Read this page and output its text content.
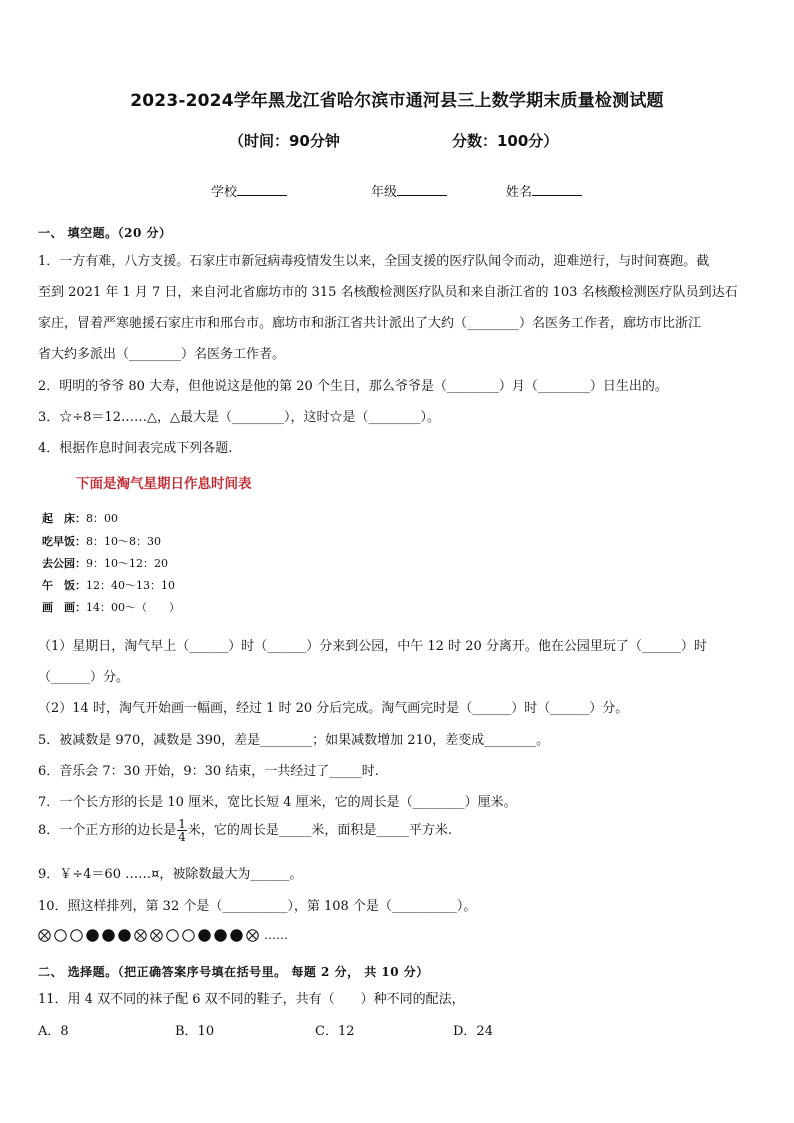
2023-2024学年黑龙江省哈尔滨市通河县三上数学期末质量检测试题
（时间：90分钟	分数：100分）
学校	年级	姓名
一、 填空题。（20 分）
1．一方有难，八方支援。石家庄市新冠病毒疫情发生以来，全国支援的医疗队闻令而动，迎难逆行，与时间赛跑。截
至到 2021 年 1 月 7 日，来自河北省廊坊市的 315 名核酸检测医疗队员和来自浙江省的 103 名核酸检测医疗队员到达石
家庄，冒着严寒驰援石家庄市和邢台市。廊坊市和浙江省共计派出了大约（________）名医务工作者，廊坊市比浙江
省大约多派出（________）名医务工作者。
2．明明的爷爷 80 大寿，但他说这是他的第 20 个生日，那么爷爷是（________）月（________）日生出的。
3．☆÷8＝12……△，△最大是（________），这时☆是（________）。
4．根据作息时间表完成下列各题.
下面是淘气星期日作息时间表
起　床：8：00
吃早饭：8：10～8：30
去公园：9：10～12：20
午　饭：12：40～13：10
画　画：14：00～（　　）
（1）星期日，淘气早上（______）时（______）分来到公园，中午 12 时 20 分离开。他在公园里玩了（______）时
（______）分。
（2）14 时，淘气开始画一幅画，经过 1 时 20 分后完成。淘气画完时是（______）时（______）分。
5．被减数是 970，减数是 390，差是________；如果减数增加 210，差变成________。
6．音乐会 7：30 开始，9：30 结束，一共经过了_____时.
7．一个长方形的长是 10 厘米，宽比长短 4 厘米，它的周长是（________）厘米。
8．一个正方形的边长是 $\frac{1}{4}$ 米，它的周长是_____米，面积是_____平方米.
9．￥÷4＝60 ……¤，被除数最大为______。
10．照这样排列，第 32 个是（__________），第 108 个是（__________）。
……
二、 选择题。（把正确答案序号填在括号里。 每题 2 分， 共 10 分）
11．用 4 双不同的袜子配 6 双不同的鞋子，共有（　　）种不同的配法，
A．8	B．10	C．12	D．24
